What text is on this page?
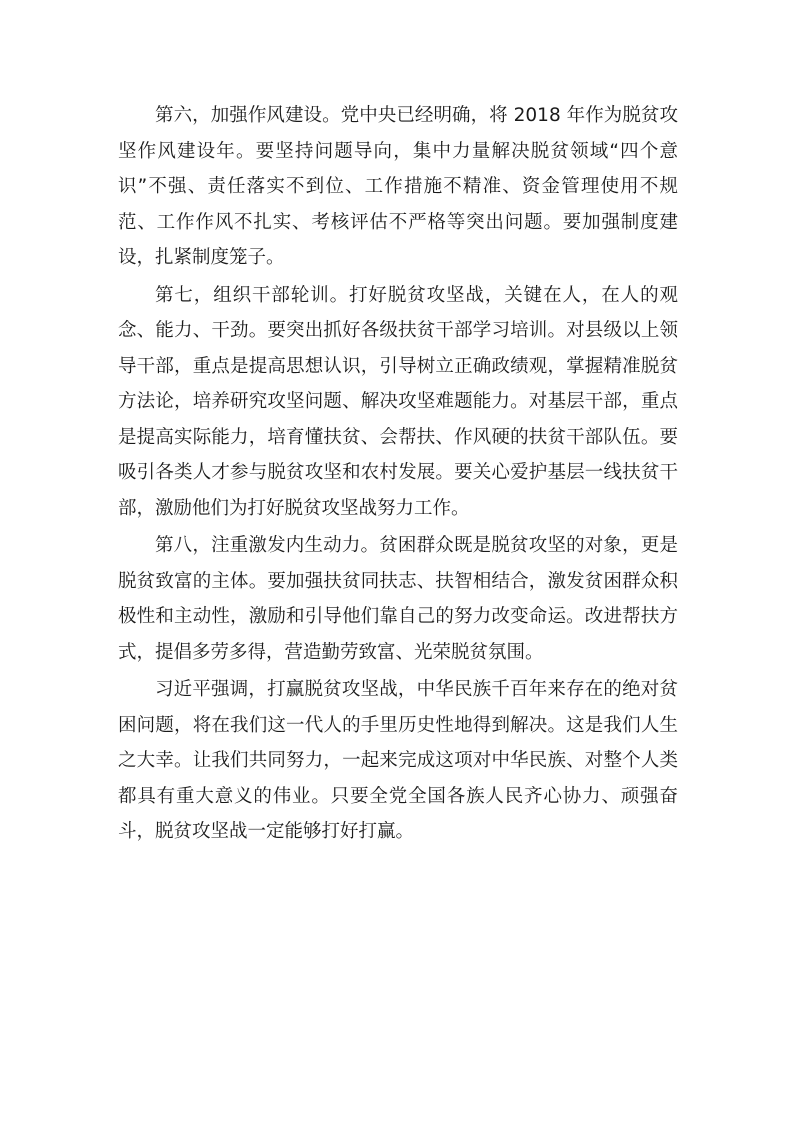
第六，加强作风建设。党中央已经明确，将 2018 年作为脱贫攻坚作风建设年。要坚持问题导向，集中力量解决脱贫领域“四个意识”不强、责任落实不到位、工作措施不精准、资金管理使用不规范、工作作风不扎实、考核评估不严格等突出问题。要加强制度建设，扎紧制度笼子。

第七，组织干部轮训。打好脱贫攻坚战，关键在人，在人的观念、能力、干劲。要突出抓好各级扶贫干部学习培训。对县级以上领导干部，重点是提高思想认识，引导树立正确政绩观，掌握精准脱贫方法论，培养研究攻坚问题、解决攻坚难题能力。对基层干部，重点是提高实际能力，培育懂扶贫、会帮扶、作风硬的扶贫干部队伍。要吸引各类人才参与脱贫攻坚和农村发展。要关心爱护基层一线扶贫干部，激励他们为打好脱贫攻坚战努力工作。

第八，注重激发内生动力。贫困群众既是脱贫攻坚的对象，更是脱贫致富的主体。要加强扶贫同扶志、扶智相结合，激发贫困群众积极性和主动性，激励和引导他们靠自己的努力改变命运。改进帮扶方式，提倡多劳多得，营造勤劳致富、光荣脱贫氛围。

习近平强调，打赢脱贫攻坚战，中华民族千百年来存在的绝对贫困问题，将在我们这一代人的手里历史性地得到解决。这是我们人生之大幸。让我们共同努力，一起来完成这项对中华民族、对整个人类都具有重大意义的伟业。只要全党全国各族人民齐心协力、顽强奋斗，脱贫攻坚战一定能够打好打赢。
